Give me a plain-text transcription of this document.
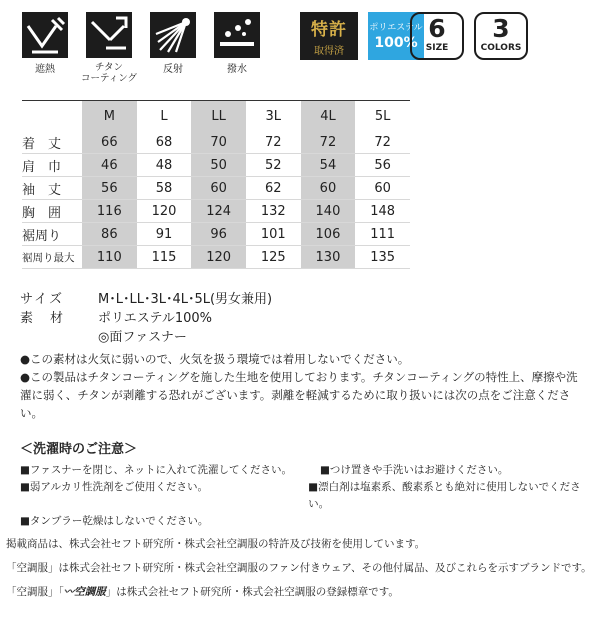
遮熱	チタン
コーティング
反射	撥水
特許
取得済
ポリエステル
100% 6
SIZE
3
COLORS
	M	L	LL	3L	4L	5L
着　丈	66	68	70	72	72	72
肩　巾	46	48	50	52	54	56
袖　丈	56	58	60	62	60	60
胸　囲	116	120	124	132	140	148
裾周り	86	91	96	101	106	111
裾周り最大	110	115	120	125	130	135
サイズ	M･L･LL･3L･4L･5L(男女兼用)
素　材	ポリエステル100%
◎面ファスナー

●この素材は火気に弱いので、火気を扱う環境では着用しないでください。

●この製品はチタンコーティングを施した生地を使用しております。チタンコーティングの特性上、摩擦や洗濯に弱く、チタンが剥離する恐れがございます。剥離を軽減するために取り扱いには次の点をご注意ください。

＜洗濯時のご注意＞
■ファスナーを閉じ、ネットに入れて洗濯してください。	■つけ置きや手洗いはお避けください。
■弱アルカリ性洗剤をご使用ください。	■漂白剤は塩素系、酸素系とも絶対に使用しないでください。
■タンブラー乾燥はしないでください。

掲載商品は、株式会社セフト研究所・株式会社空調服の特許及び技術を使用しています。

「空調服」は株式会社セフト研究所・株式会社空調服のファン付きウェア、その他付属品、及びこれらを示すブランドです。

「空調服」「〰空調服」は株式会社セフト研究所・株式会社空調服の登録標章です。
